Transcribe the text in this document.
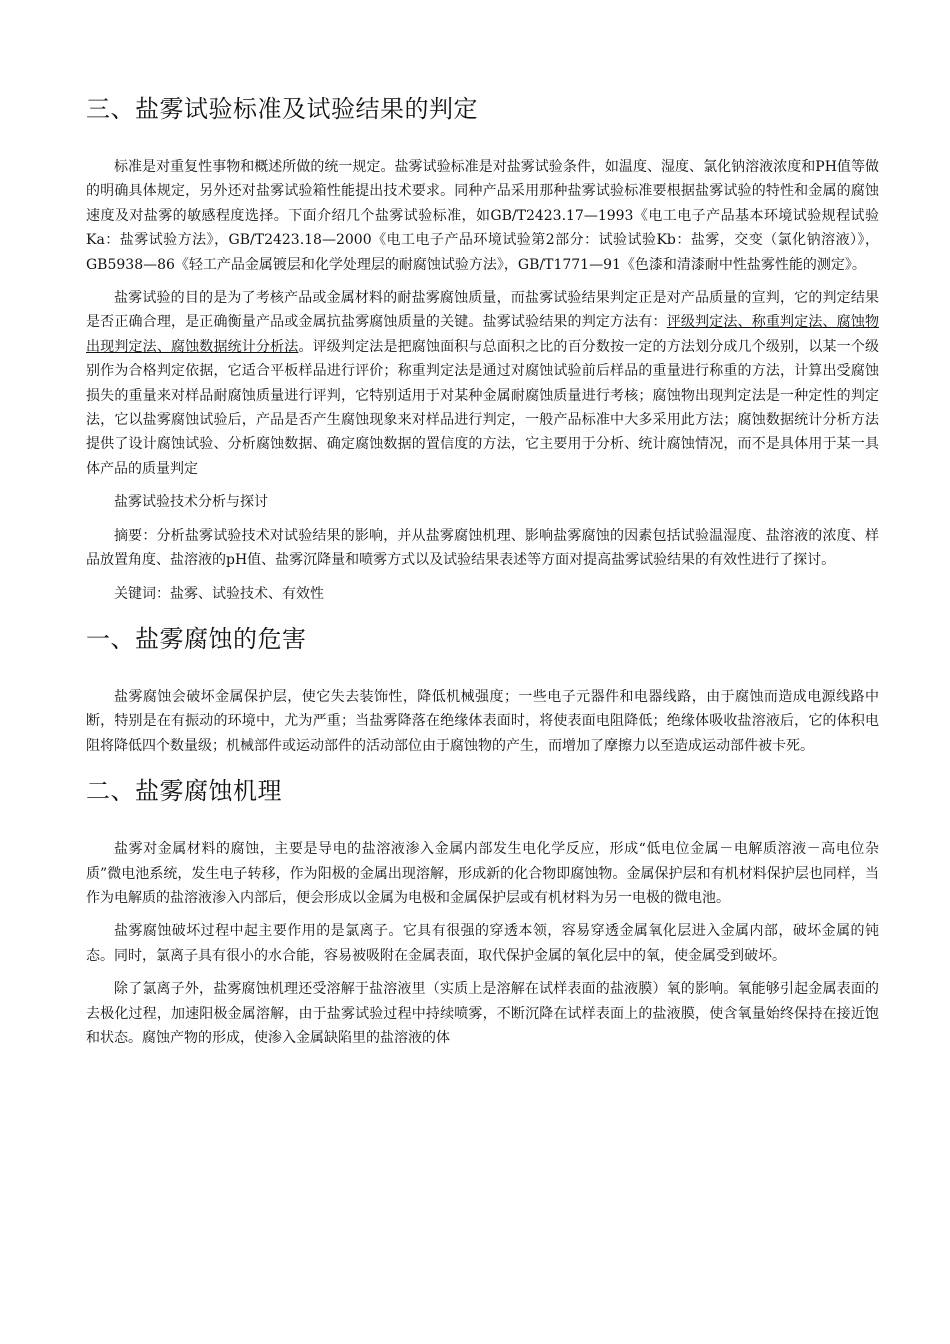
三、盐雾试验标准及试验结果的判定

标准是对重复性事物和概述所做的统一规定。盐雾试验标准是对盐雾试验条件，如温度、湿度、氯化钠溶液浓度和PH值等做的明确具体规定，另外还对盐雾试验箱性能提出技术要求。同种产品采用那种盐雾试验标准要根据盐雾试验的特性和金属的腐蚀速度及对盐雾的敏感程度选择。下面介绍几个盐雾试验标准，如GB/T2423.17—1993《电工电子产品基本环境试验规程试验Ka：盐雾试验方法》，GB/T2423.18—2000《电工电子产品环境试验第2部分：试验试验Kb：盐雾，交变（氯化钠溶液）》，GB5938—86《轻工产品金属镀层和化学处理层的耐腐蚀试验方法》，GB/T1771—91《色漆和清漆耐中性盐雾性能的测定》。

盐雾试验的目的是为了考核产品或金属材料的耐盐雾腐蚀质量，而盐雾试验结果判定正是对产品质量的宣判，它的判定结果是否正确合理，是正确衡量产品或金属抗盐雾腐蚀质量的关键。盐雾试验结果的判定方法有：评级判定法、称重判定法、腐蚀物出现判定法、腐蚀数据统计分析法。评级判定法是把腐蚀面积与总面积之比的百分数按一定的方法划分成几个级别，以某一个级别作为合格判定依据，它适合平板样品进行评价；称重判定法是通过对腐蚀试验前后样品的重量进行称重的方法，计算出受腐蚀损失的重量来对样品耐腐蚀质量进行评判，它特别适用于对某种金属耐腐蚀质量进行考核；腐蚀物出现判定法是一种定性的判定法，它以盐雾腐蚀试验后，产品是否产生腐蚀现象来对样品进行判定，一般产品标准中大多采用此方法；腐蚀数据统计分析方法提供了设计腐蚀试验、分析腐蚀数据、确定腐蚀数据的置信度的方法，它主要用于分析、统计腐蚀情况，而不是具体用于某一具体产品的质量判定

盐雾试验技术分析与探讨

摘要：分析盐雾试验技术对试验结果的影响，并从盐雾腐蚀机理、影响盐雾腐蚀的因素包括试验温湿度、盐溶液的浓度、样品放置角度、盐溶液的pH值、盐雾沉降量和喷雾方式以及试验结果表述等方面对提高盐雾试验结果的有效性进行了探讨。

关键词：盐雾、试验技术、有效性

一、盐雾腐蚀的危害

盐雾腐蚀会破坏金属保护层，使它失去装饰性，降低机械强度；一些电子元器件和电器线路，由于腐蚀而造成电源线路中断，特别是在有振动的环境中，尤为严重；当盐雾降落在绝缘体表面时，将使表面电阻降低；绝缘体吸收盐溶液后，它的体积电阻将降低四个数量级；机械部件或运动部件的活动部位由于腐蚀物的产生，而增加了摩擦力以至造成运动部件被卡死。

二、盐雾腐蚀机理

盐雾对金属材料的腐蚀，主要是导电的盐溶液渗入金属内部发生电化学反应，形成“低电位金属－电解质溶液－高电位杂质”微电池系统，发生电子转移，作为阳极的金属出现溶解，形成新的化合物即腐蚀物。金属保护层和有机材料保护层也同样，当作为电解质的盐溶液渗入内部后，便会形成以金属为电极和金属保护层或有机材料为另一电极的微电池。

盐雾腐蚀破坏过程中起主要作用的是氯离子。它具有很强的穿透本领，容易穿透金属氧化层进入金属内部，破坏金属的钝态。同时，氯离子具有很小的水合能，容易被吸附在金属表面，取代保护金属的氧化层中的氧，使金属受到破坏。

除了氯离子外，盐雾腐蚀机理还受溶解于盐溶液里（实质上是溶解在试样表面的盐液膜）氧的影响。氧能够引起金属表面的去极化过程，加速阳极金属溶解，由于盐雾试验过程中持续喷雾，不断沉降在试样表面上的盐液膜，使含氧量始终保持在接近饱和状态。腐蚀产物的形成，使渗入金属缺陷里的盐溶液的体
